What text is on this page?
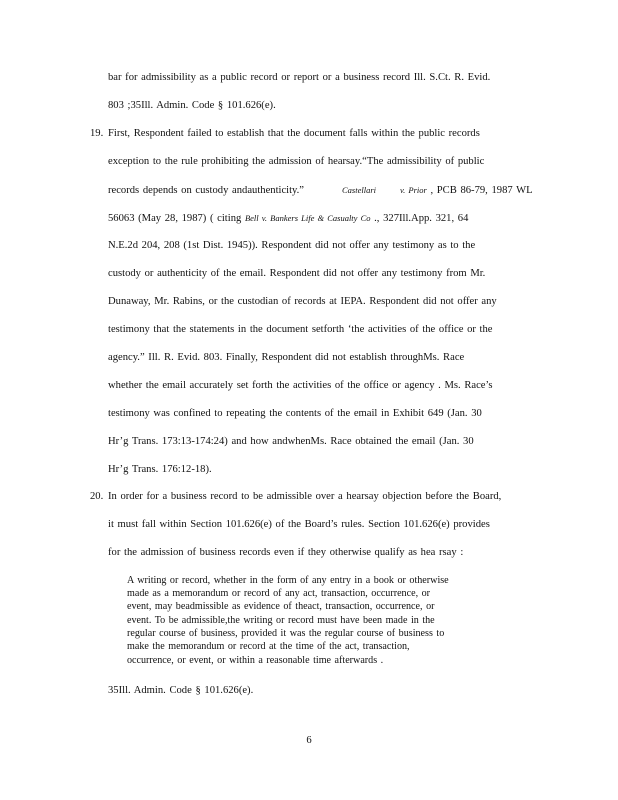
bar for admissibility as a public record or report or a business record Ill. S.Ct. R. Evid.
803 ;35Ill. Admin. Code § 101.626(e).
19. First, Respondent failed to establish that the document falls within the public records
exception to the rule prohibiting the admission of hearsay.“The admissibility of public
records depends on custody andauthenticity.”	Castellari	v. Prior , PCB 86-79, 1987 WL
56063 (May 28, 1987) ( citing Bell v. Bankers Life & Casualty Co ., 327Ill.App. 321, 64
N.E.2d 204, 208 (1st Dist. 1945)). Respondent did not offer any testimony as to the
custody or authenticity of the email. Respondent did not offer any testimony from Mr.
Dunaway, Mr. Rabins, or the custodian of records at IEPA. Respondent did not offer any
testimony that the statements in the document setforth ‘the activities of the office or the
agency.” Ill. R. Evid. 803. Finally, Respondent did not establish throughMs. Race
whether the email accurately set forth the activities of the office or agency . Ms. Race’s
testimony was confined to repeating the contents of the email in Exhibit 649 (Jan. 30
Hr’g Trans. 173:13-174:24) and how andwhenMs. Race obtained the email (Jan. 30
Hr’g Trans. 176:12-18).
20. In order for a business record to be admissible over a hearsay objection before the Board,
it must fall within Section 101.626(e) of the Board’s rules. Section 101.626(e) provides
for the admission of business records even if they otherwise qualify as hea rsay :
A writing or record, whether in the form of any entry in a book or otherwise
made as a memorandum or record of any act, transaction, occurrence, or
event, may beadmissible as evidence of theact, transaction, occurrence, or
event. To be admissible,the writing or record must have been made in the
regular course of business, provided it was the regular course of business to
make the memorandum or record at the time of the act, transaction,
occurrence, or event, or within a reasonable time afterwards .
35Ill. Admin. Code § 101.626(e).
6
